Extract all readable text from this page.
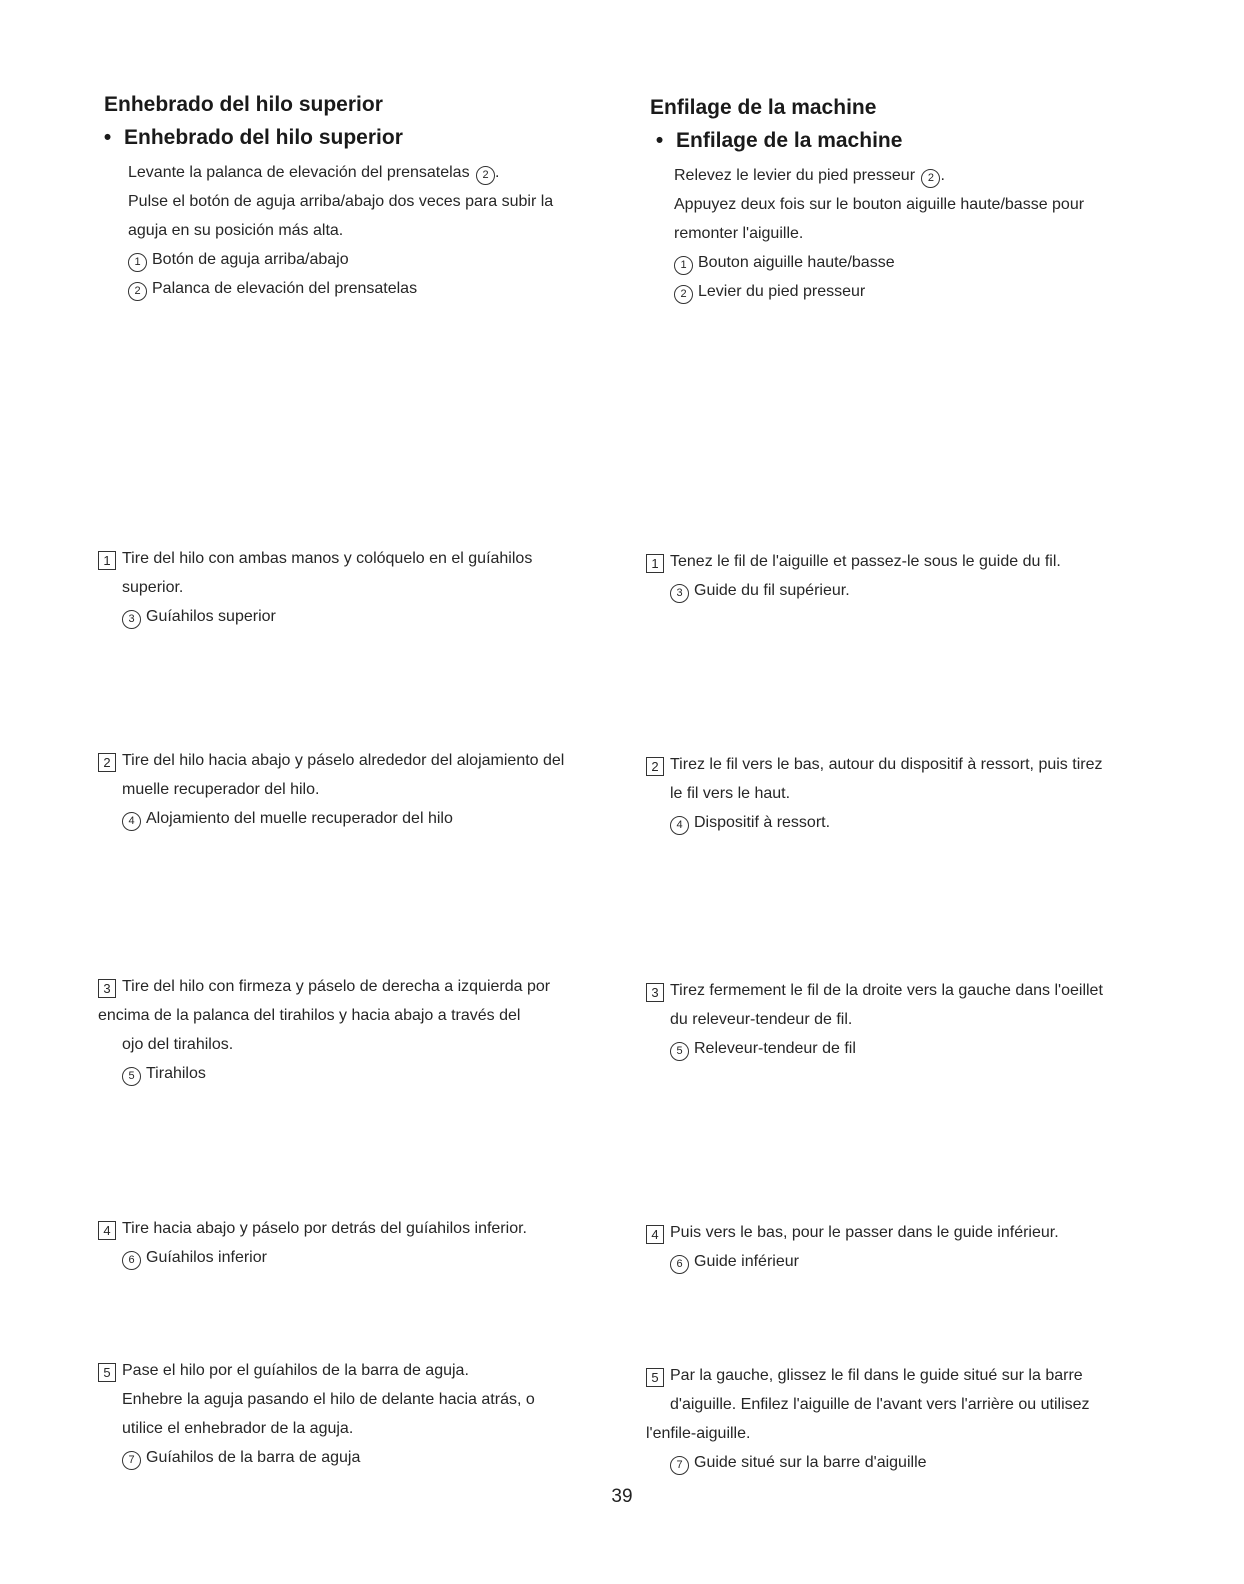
Enhebrado del hilo superior
• Enhebrado del hilo superior
Levante la palanca de elevación del prensatelas 2 .
Pulse el botón de aguja arriba/abajo dos veces para subir la
aguja en su posición más alta.
1 Botón de aguja arriba/abajo
2 Palanca de elevación del prensatelas
1 Tire del hilo con ambas manos y colóquelo en el guíahilos
superior.
3 Guíahilos superior
2 Tire del hilo hacia abajo y páselo alrededor del alojamiento del
muelle recuperador del hilo.
4 Alojamiento del muelle recuperador del hilo
3 Tire del hilo con firmeza y páselo de derecha a izquierda por
encima de la palanca del tirahilos y hacia abajo a través del
ojo del tirahilos.
5 Tirahilos
4 Tire hacia abajo y páselo por detrás del guíahilos inferior.
6 Guíahilos inferior
5 Pase el hilo por el guíahilos de la barra de aguja.
Enhebre la aguja pasando el hilo de delante hacia atrás, o
utilice el enhebrador de la aguja.
7 Guíahilos de la barra de aguja
Enfilage de la machine
• Enfilage de la machine
Relevez le levier du pied presseur 2 .
Appuyez deux fois sur le bouton aiguille haute/basse pour
remonter l'aiguille.
1 Bouton aiguille haute/basse
2 Levier du pied presseur
1 Tenez le fil de l'aiguille et passez-le sous le guide du fil.
3 Guide du fil supérieur.
2 Tirez le fil vers le bas, autour du dispositif à ressort, puis tirez
le fil vers le haut.
4 Dispositif à ressort.
3 Tirez fermement le fil de la droite vers la gauche dans l'oeillet
du releveur-tendeur de fil.
5 Releveur-tendeur de fil
4 Puis vers le bas, pour le passer dans le guide inférieur.
6 Guide inférieur
5 Par la gauche, glissez le fil dans le guide situé sur la barre
d'aiguille. Enfilez l'aiguille de l'avant vers l'arrière ou utilisez
l'enfile-aiguille.
7 Guide situé sur la barre d'aiguille
39
